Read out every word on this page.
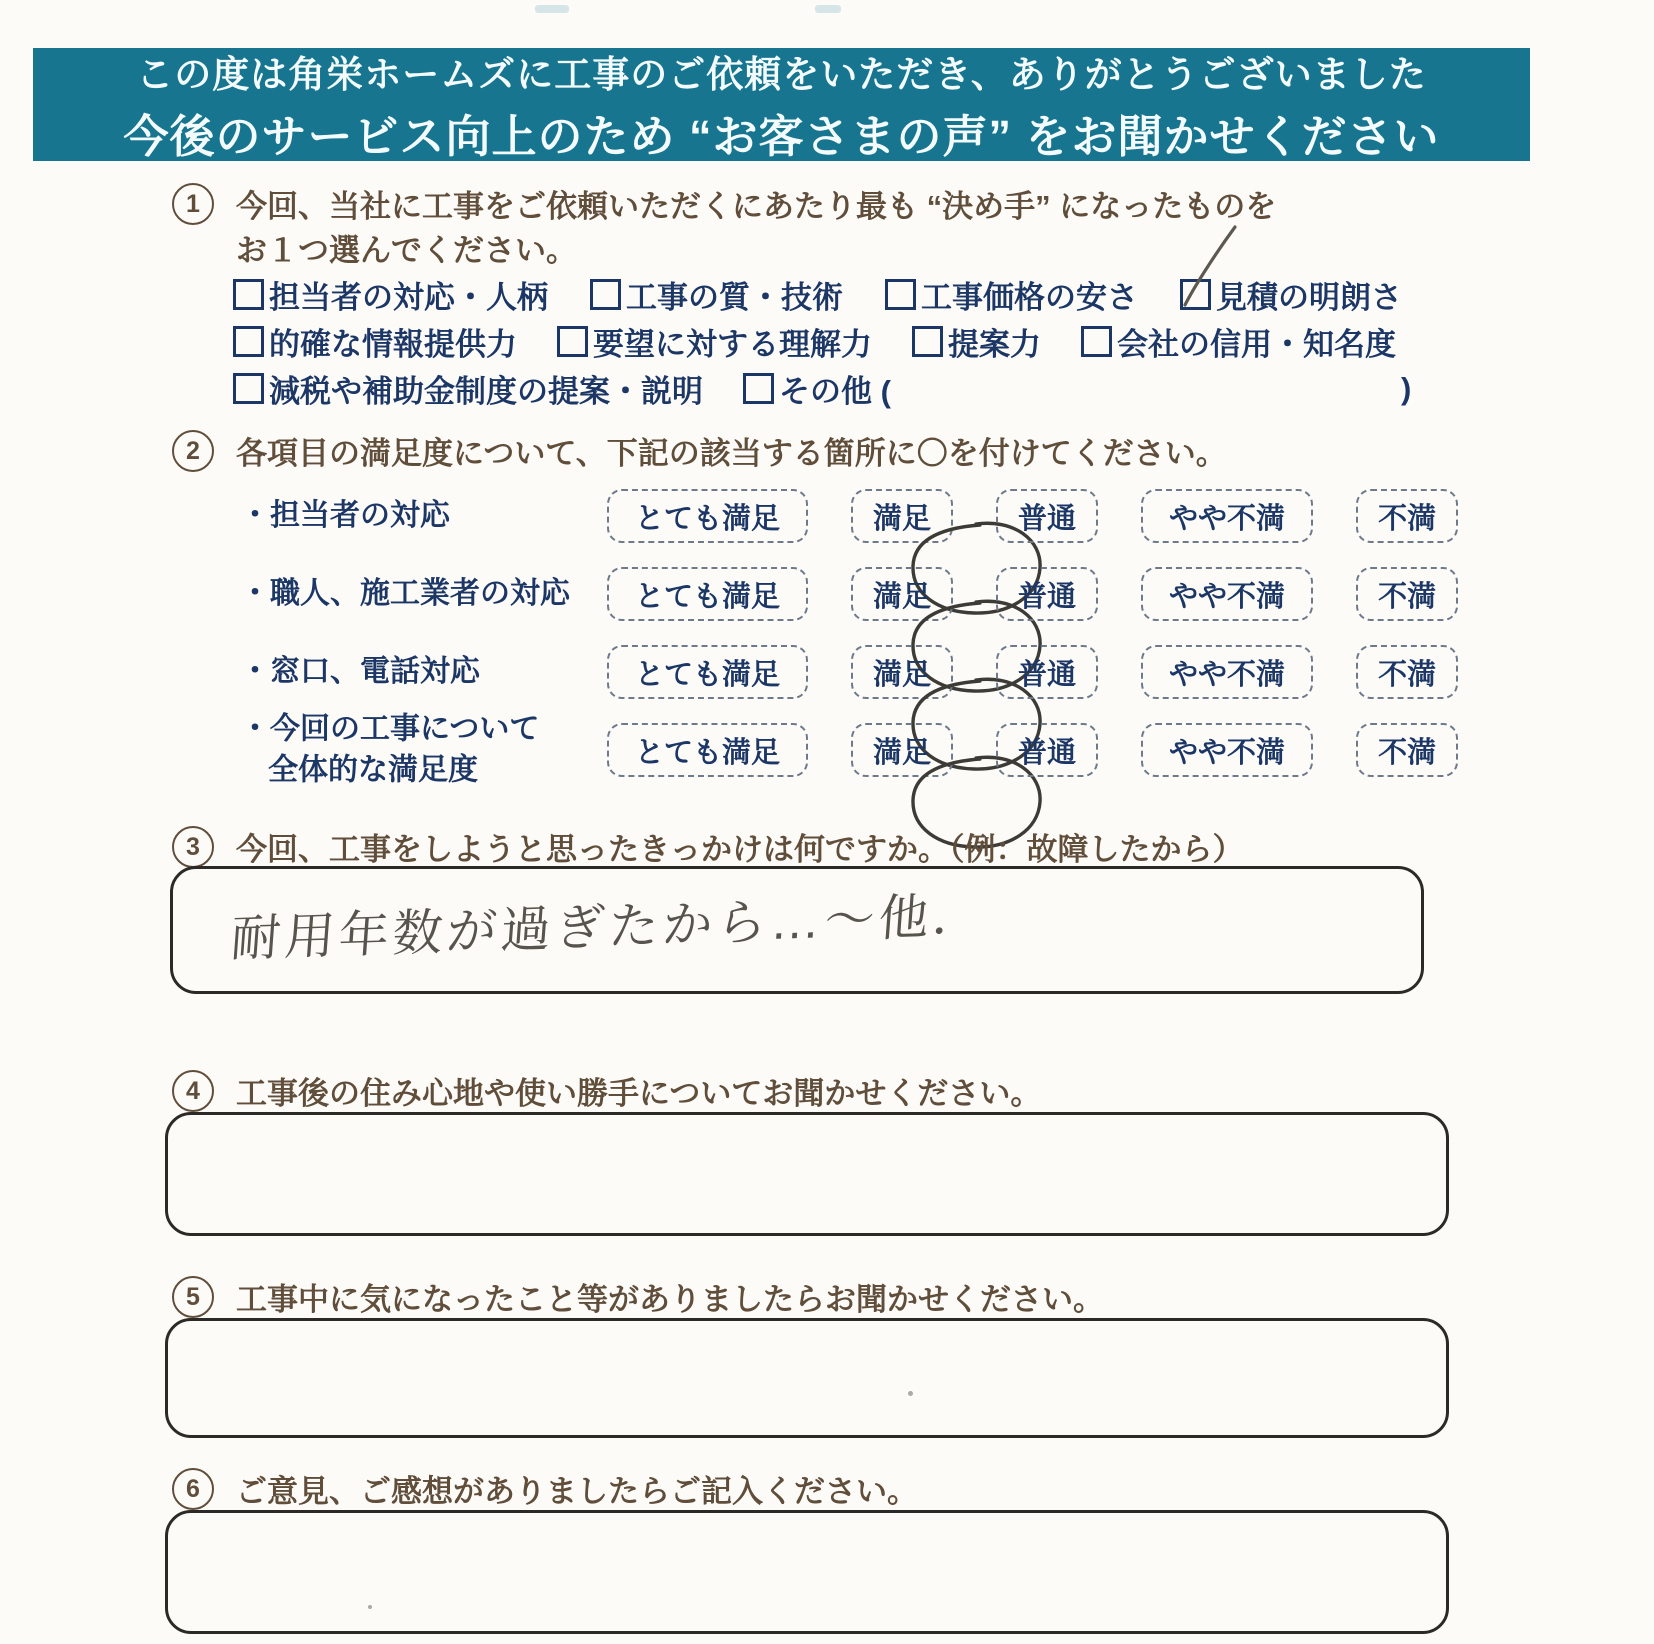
この度は角栄ホームズに工事のご依頼をいただき、ありがとうございました
今後のサービス向上のため “お客さまの声” をお聞かせください
1	今回、当社に工事をご依頼いただくにあたり最も “決め手” になったものを
お１つ選んでください。
担当者の対応・人柄	工事の質・技術	工事価格の安さ	見積の明朗さ
的確な情報提供力 要望に対する理解力 提案力 会社の信用・知名度
減税や補助金制度の提案・説明 その他 (	)
2	各項目の満足度について、下記の該当する箇所に〇を付けてください。
・担当者の対応	とても満足	満足	普通	やや不満	不満
・職人、施工業者の対応	とても満足	満足	普通	やや不満	不満
・窓口、電話対応	とても満足	満足	普通	やや不満	不満
・今回の工事について
全体的な満足度
とても満足	満足	普通	やや不満	不満
3	今回、工事をしようと思ったきっかけは何ですか。（例：故障したから）
耐用年数が過ぎたから…〜他．
4	工事後の住み心地や使い勝手についてお聞かせください。
5	工事中に気になったこと等がありましたらお聞かせください。
6	ご意見、ご感想がありましたらご記入ください。
